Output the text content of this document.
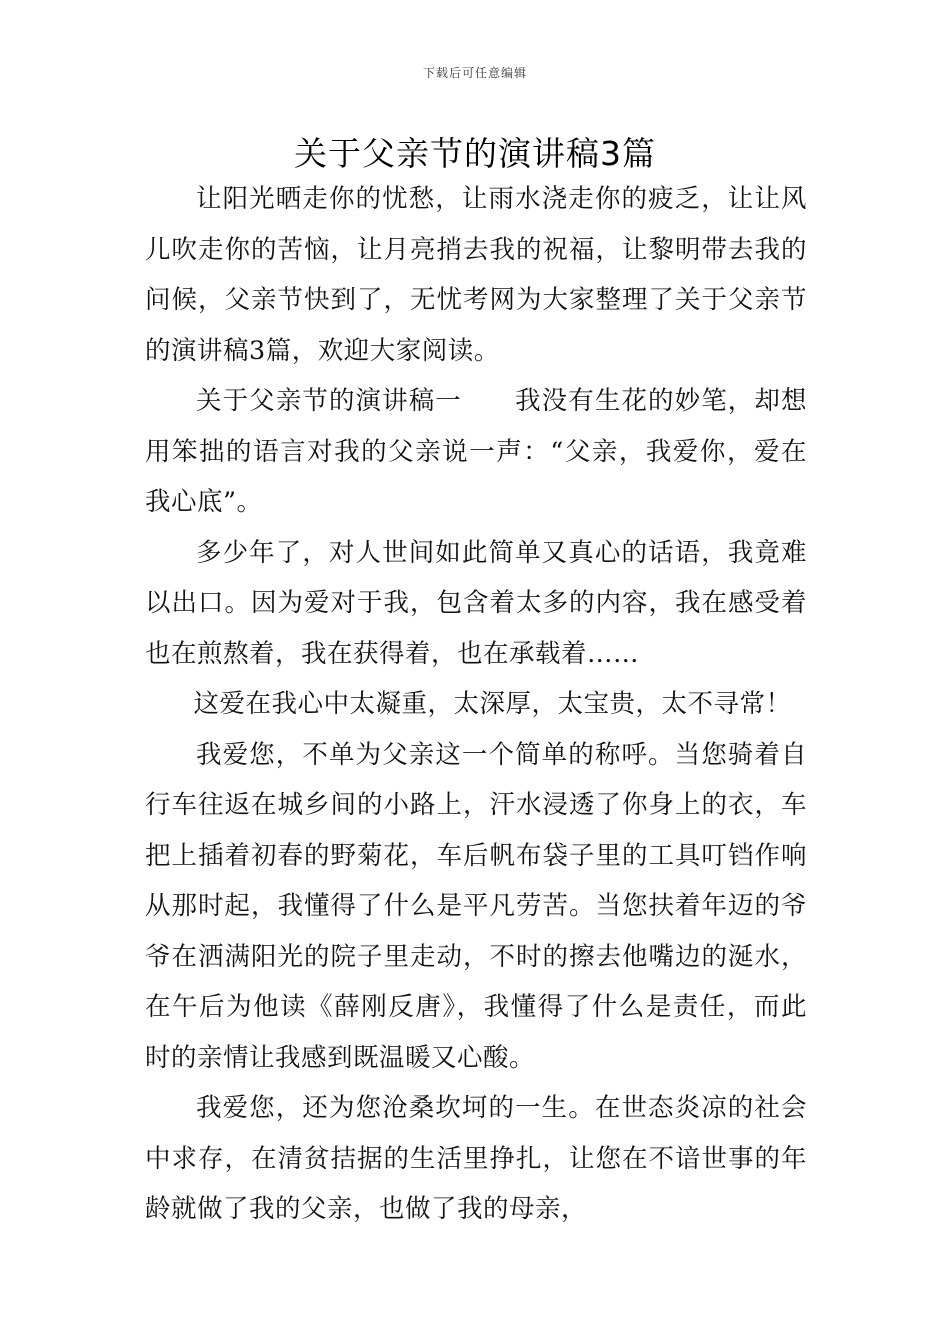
下载后可任意编辑
关于父亲节的演讲稿3篇

让阳光晒走你的忧愁，让雨水浇走你的疲乏，让让风儿吹走你的苦恼，让月亮捎去我的祝福，让黎明带去我的问候，父亲节快到了，无忧考网为大家整理了关于父亲节的演讲稿3篇，欢迎大家阅读。

关于父亲节的演讲稿一　　我没有生花的妙笔，却想用笨拙的语言对我的父亲说一声：“父亲，我爱你，爱在我心底”。

多少年了，对人世间如此简单又真心的话语，我竟难以出口。因为爱对于我，包含着太多的内容，我在感受着也在煎熬着，我在获得着，也在承载着……

这爱在我心中太凝重，太深厚，太宝贵，太不寻常！

我爱您，不单为父亲这一个简单的称呼。当您骑着自行车往返在城乡间的小路上，汗水浸透了你身上的衣，车把上插着初春的野菊花，车后帆布袋子里的工具叮铛作响从那时起，我懂得了什么是平凡劳苦。当您扶着年迈的爷爷在洒满阳光的院子里走动，不时的擦去他嘴边的涎水，在午后为他读《薛刚反唐》，我懂得了什么是责任，而此时的亲情让我感到既温暖又心酸。

我爱您，还为您沧桑坎坷的一生。在世态炎凉的社会中求存，在清贫拮据的生活里挣扎，让您在不谙世事的年龄就做了我的父亲，也做了我的母亲，
